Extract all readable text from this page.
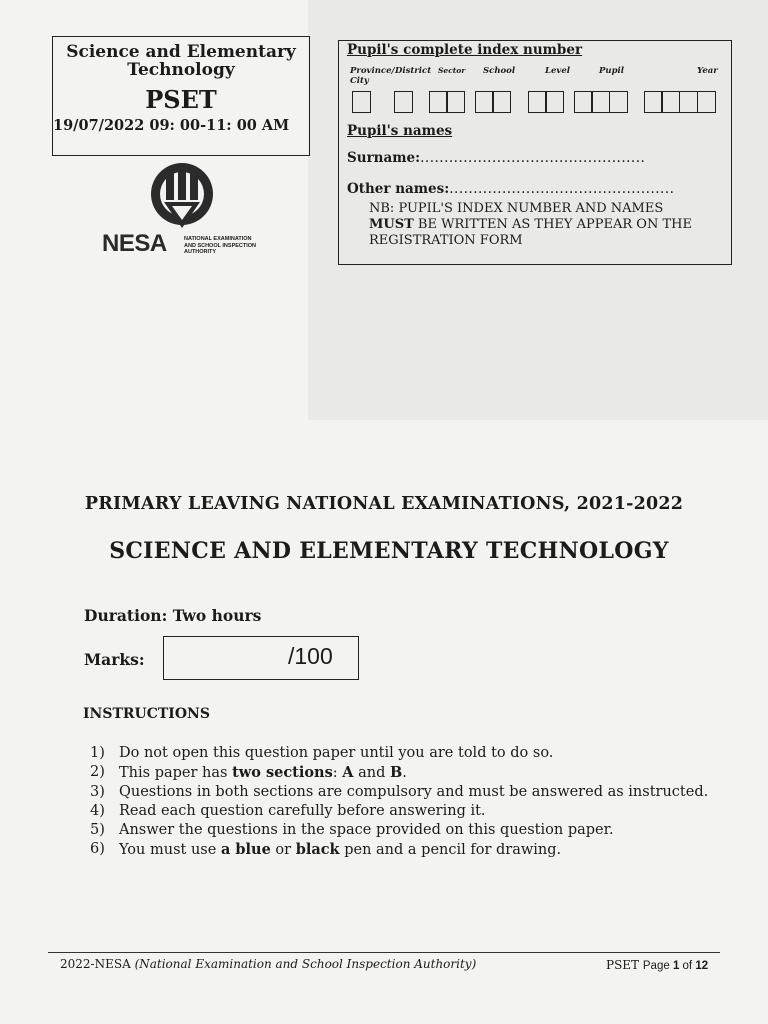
Science and Elementary
Technology
PSET
19/07/2022 09: 00-11: 00 AM
NESA	NATIONAL EXAMINATION
AND SCHOOL INSPECTION
AUTHORITY
Pupil's complete index number
Province/
City
District Sector School	Level	Pupil	Year
Pupil's names
Surname:...............................................
Other names:...............................................
NB: PUPIL'S INDEX NUMBER AND NAMES
MUST BE WRITTEN AS THEY APPEAR ON THE
REGISTRATION FORM
PRIMARY LEAVING NATIONAL EXAMINATIONS, 2021-2022
SCIENCE AND ELEMENTARY TECHNOLOGY
Duration: Two hours
Marks:	/100
INSTRUCTIONS
1) Do not open this question paper until you are told to do so.
2) This paper has two sections: A and B.
3) Questions in both sections are compulsory and must be answered as instructed.
4) Read each question carefully before answering it.
5) Answer the questions in the space provided on this question paper.
6) You must use a blue or black pen and a pencil for drawing.
2022-NESA (National Examination and School Inspection Authority)	PSET Page 1 of 12
